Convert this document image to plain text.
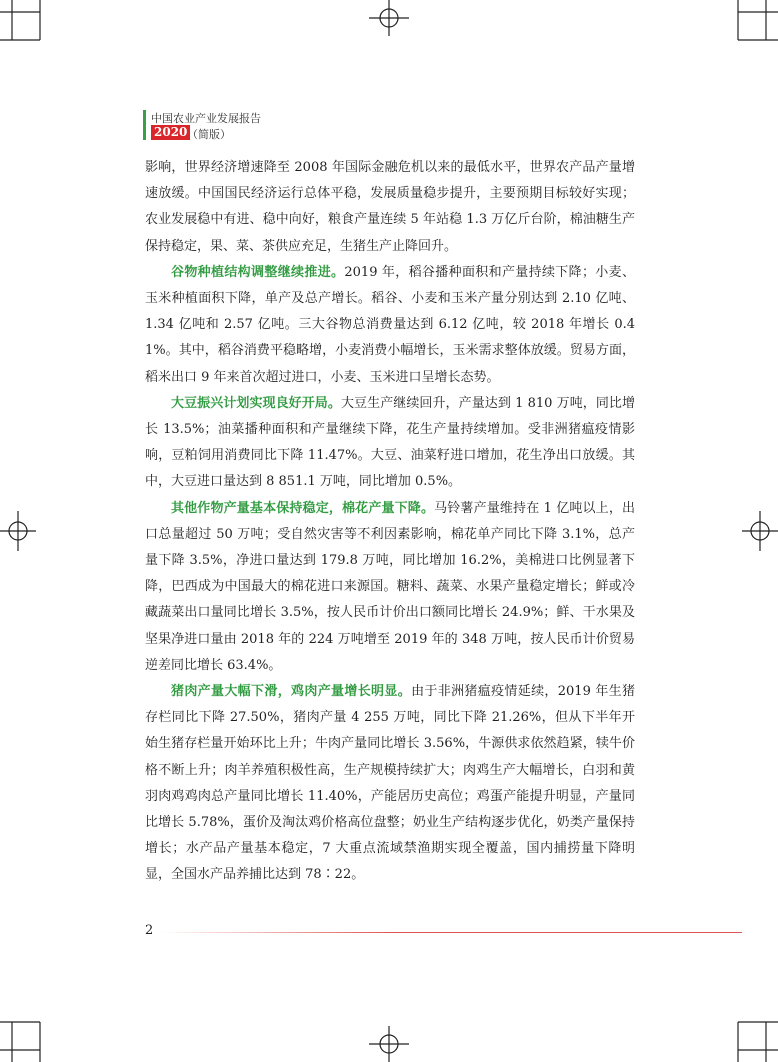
中国农业产业发展报告
2020 （简版）

影响，世界经济增速降至 2008 年国际金融危机以来的最低水平，世界农产品产量增速放缓。中国国民经济运行总体平稳，发展质量稳步提升，主要预期目标较好实现；农业发展稳中有进、稳中向好，粮食产量连续 5 年站稳 1.3 万亿斤台阶，棉油糖生产保持稳定，果、菜、茶供应充足，生猪生产止降回升。

谷物种植结构调整继续推进。2019 年，稻谷播种面积和产量持续下降；小麦、玉米种植面积下降，单产及总产增长。稻谷、小麦和玉米产量分别达到 2.10 亿吨、1.34 亿吨和 2.57 亿吨。三大谷物总消费量达到 6.12 亿吨，较 2018 年增长 0.41%。其中，稻谷消费平稳略增，小麦消费小幅增长，玉米需求整体放缓。贸易方面，稻米出口 9 年来首次超过进口，小麦、玉米进口呈增长态势。

大豆振兴计划实现良好开局。大豆生产继续回升，产量达到 1 810 万吨，同比增长 13.5%；油菜播种面积和产量继续下降，花生产量持续增加。受非洲猪瘟疫情影响，豆粕饲用消费同比下降 11.47%。大豆、油菜籽进口增加，花生净出口放缓。其中，大豆进口量达到 8 851.1 万吨，同比增加 0.5%。

其他作物产量基本保持稳定，棉花产量下降。马铃薯产量维持在 1 亿吨以上，出口总量超过 50 万吨；受自然灾害等不利因素影响，棉花单产同比下降 3.1%，总产量下降 3.5%，净进口量达到 179.8 万吨，同比增加 16.2%，美棉进口比例显著下降，巴西成为中国最大的棉花进口来源国。糖料、蔬菜、水果产量稳定增长；鲜或冷藏蔬菜出口量同比增长 3.5%，按人民币计价出口额同比增长 24.9%；鲜、干水果及坚果净进口量由 2018 年的 224 万吨增至 2019 年的 348 万吨，按人民币计价贸易逆差同比增长 63.4%。

猪肉产量大幅下滑，鸡肉产量增长明显。由于非洲猪瘟疫情延续，2019 年生猪存栏同比下降 27.50%，猪肉产量 4 255 万吨，同比下降 21.26%，但从下半年开始生猪存栏量开始环比上升；牛肉产量同比增长 3.56%，牛源供求依然趋紧，犊牛价格不断上升；肉羊养殖积极性高，生产规模持续扩大；肉鸡生产大幅增长，白羽和黄羽肉鸡鸡肉总产量同比增长 11.40%，产能居历史高位；鸡蛋产能提升明显，产量同比增长 5.78%，蛋价及淘汰鸡价格高位盘整；奶业生产结构逐步优化，奶类产量保持增长；水产品产量基本稳定，7 大重点流域禁渔期实现全覆盖，国内捕捞量下降明显，全国水产品养捕比达到 78∶22。

2
